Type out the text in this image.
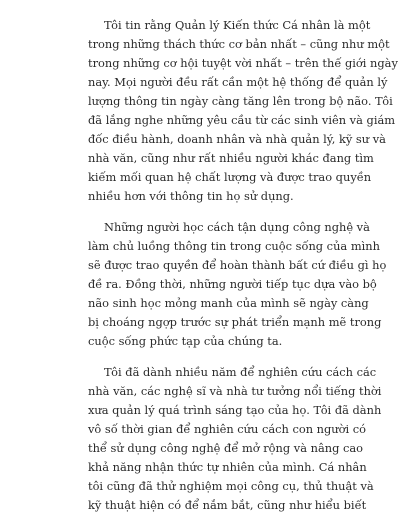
Tôi tin rằng Quản lý Kiến thức Cá nhân là một
trong những thách thức cơ bản nhất – cũng như một
trong những cơ hội tuyệt vời nhất – trên thế giới ngày
nay. Mọi người đều rất cần một hệ thống để quản lý
lượng thông tin ngày càng tăng lên trong bộ não. Tôi
đã lắng nghe những yêu cầu từ các sinh viên và giám
đốc điều hành, doanh nhân và nhà quản lý, kỹ sư và
nhà văn, cũng như rất nhiều người khác đang tìm
kiếm mối quan hệ chất lượng và được trao quyền
nhiều hơn với thông tin họ sử dụng.

Những người học cách tận dụng công nghệ và
làm chủ luồng thông tin trong cuộc sống của mình
sẽ được trao quyền để hoàn thành bất cứ điều gì họ
đề ra. Đồng thời, những người tiếp tục dựa vào bộ
não sinh học mỏng manh của mình sẽ ngày càng
bị choáng ngợp trước sự phát triển mạnh mẽ trong
cuộc sống phức tạp của chúng ta.

Tôi đã dành nhiều năm để nghiên cứu cách các
nhà văn, các nghệ sĩ và nhà tư tưởng nổi tiếng thời
xưa quản lý quá trình sáng tạo của họ. Tôi đã dành
vô số thời gian để nghiên cứu cách con người có
thể sử dụng công nghệ để mở rộng và nâng cao
khả năng nhận thức tự nhiên của mình. Cá nhân
tôi cũng đã thử nghiệm mọi công cụ, thủ thuật và
kỹ thuật hiện có để nắm bắt, cũng như hiểu biết
